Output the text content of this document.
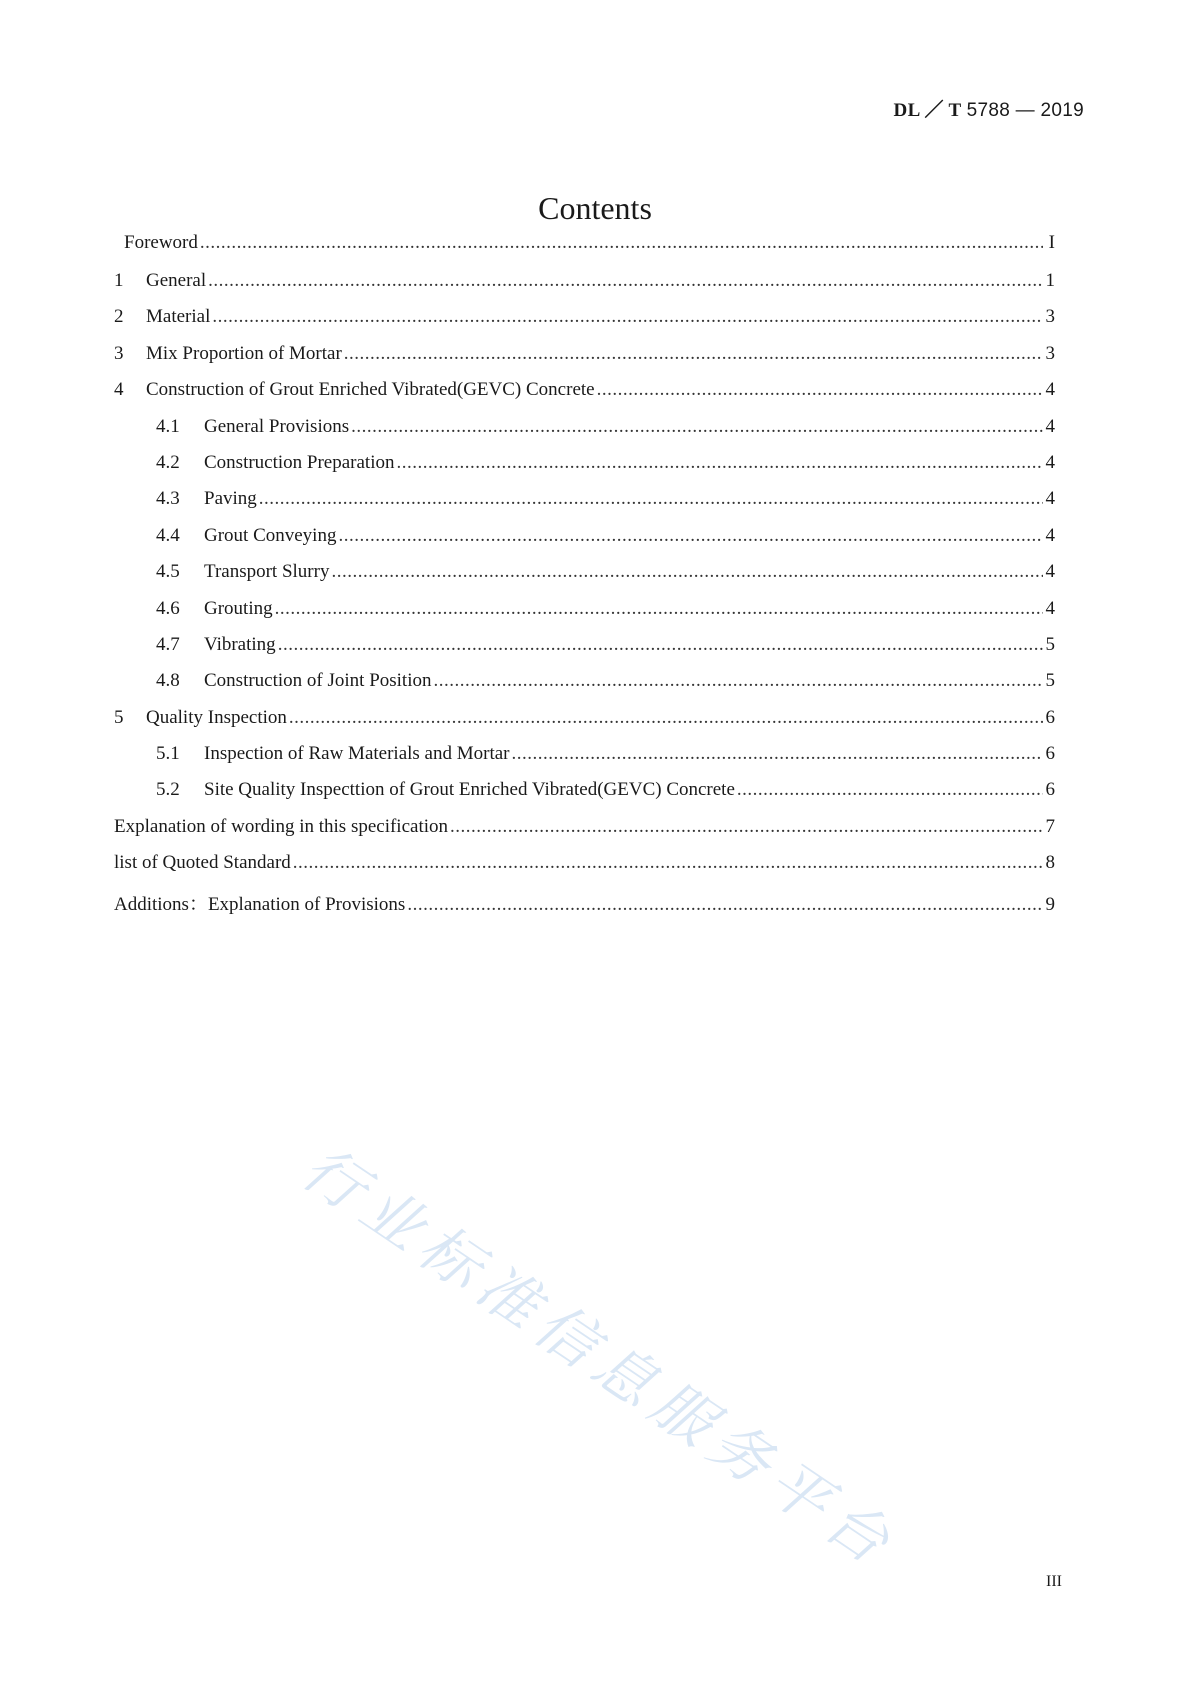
DL ／ T 5788 — 2019
Contents
Foreword .....	I
1	General .....	1
2	Material .....	3
3	Mix Proportion of Mortar .....	3
4	Construction of Grout Enriched Vibrated(GEVC) Concrete .....	4
4.1	General Provisions .....	4
4.2	Construction Preparation .....	4
4.3	Paving .....	4
4.4	Grout Conveying .....	4
4.5	Transport Slurry .....	4
4.6	Grouting .....	4
4.7	Vibrating .....	5
4.8	Construction of Joint Position .....	5
5	Quality Inspection .....	6
5.1	Inspection of Raw Materials and Mortar .....	6
5.2	Site Quality Inspecttion of Grout Enriched Vibrated(GEVC) Concrete .....	6
Explanation of wording in this specification .....	7
list of Quoted Standard .....	8
Additions：Explanation of Provisions .....	9
行业标准信息服务平台	III
